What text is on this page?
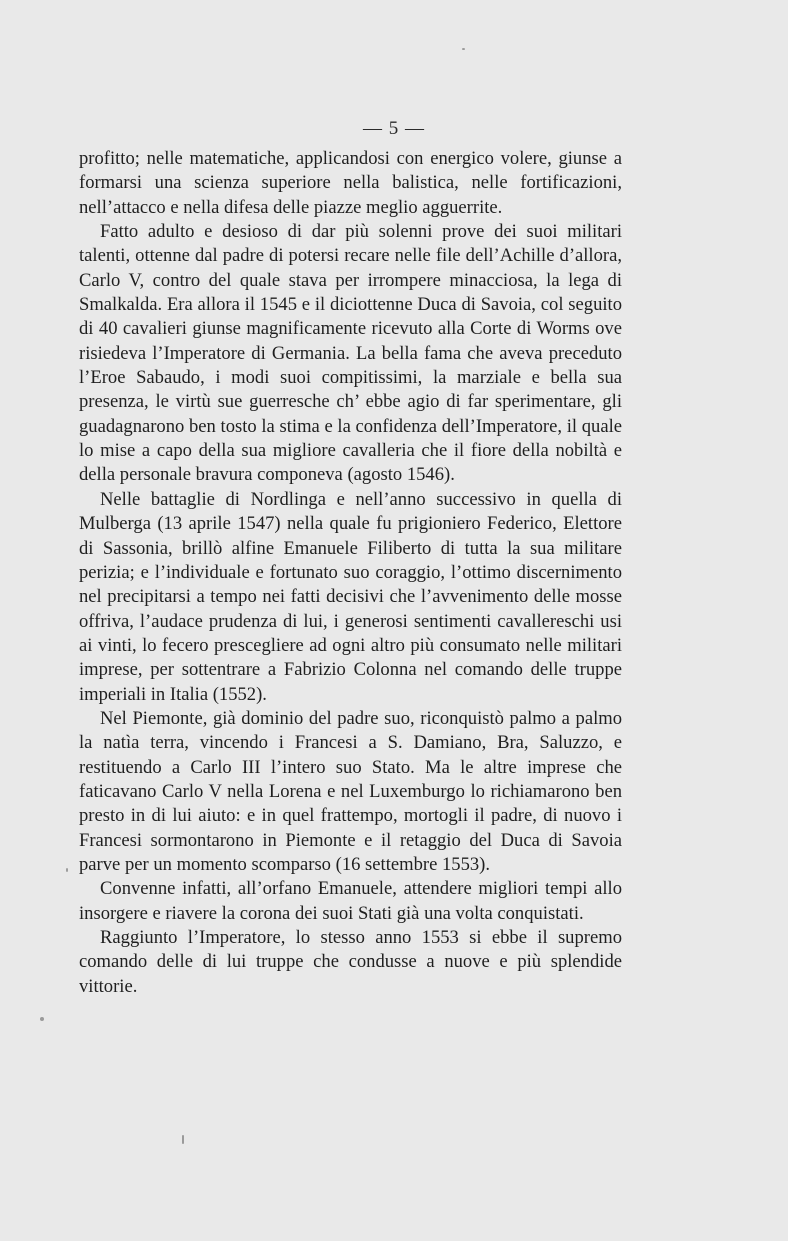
— 5 —

profitto; nelle matematiche, applicandosi con energico volere, giunse a formarsi una scienza superiore nella balistica, nelle fortificazioni, nell’attacco e nella difesa delle piazze meglio agguerrite.

Fatto adulto e desioso di dar più solenni prove dei suoi militari talenti, ottenne dal padre di potersi recare nelle file dell’Achille d’allora, Carlo V, contro del quale stava per irrompere minacciosa, la lega di Smalkalda. Era allora il 1545 e il diciottenne Duca di Savoia, col seguito di 40 cavalieri giunse magnificamente ricevuto alla Corte di Worms ove risiedeva l’Imperatore di Germania. La bella fama che aveva preceduto l’Eroe Sabaudo, i modi suoi compitissimi, la marziale e bella sua presenza, le virtù sue guerresche ch’ ebbe agio di far sperimentare, gli guadagnarono ben tosto la stima e la confidenza dell’Imperatore, il quale lo mise a capo della sua migliore cavalleria che il fiore della nobiltà e della personale bravura componeva (agosto 1546).

Nelle battaglie di Nordlinga e nell’anno successivo in quella di Mulberga (13 aprile 1547) nella quale fu prigioniero Federico, Elettore di Sassonia, brillò alfine Emanuele Filiberto di tutta la sua militare perizia; e l’individuale e fortunato suo coraggio, l’ottimo discernimento nel precipitarsi a tempo nei fatti decisivi che l’avvenimento delle mosse offriva, l’audace prudenza di lui, i generosi sentimenti cavallereschi usi ai vinti, lo fecero prescegliere ad ogni altro più consumato nelle militari imprese, per sottentrare a Fabrizio Colonna nel comando delle truppe imperiali in Italia (1552).

Nel Piemonte, già dominio del padre suo, riconquistò palmo a palmo la natìa terra, vincendo i Francesi a S. Damiano, Bra, Saluzzo, e restituendo a Carlo III l’intero suo Stato. Ma le altre imprese che faticavano Carlo V nella Lorena e nel Luxemburgo lo richiamarono ben presto in di lui aiuto: e in quel frattempo, mortogli il padre, di nuovo i Francesi sormontarono in Piemonte e il retaggio del Duca di Savoia parve per un momento scomparso (16 settembre 1553).

Convenne infatti, all’orfano Emanuele, attendere migliori tempi allo insorgere e riavere la corona dei suoi Stati già una volta conquistati.

Raggiunto l’Imperatore, lo stesso anno 1553 si ebbe il supremo comando delle di lui truppe che condusse a nuove e più splendide vittorie.
